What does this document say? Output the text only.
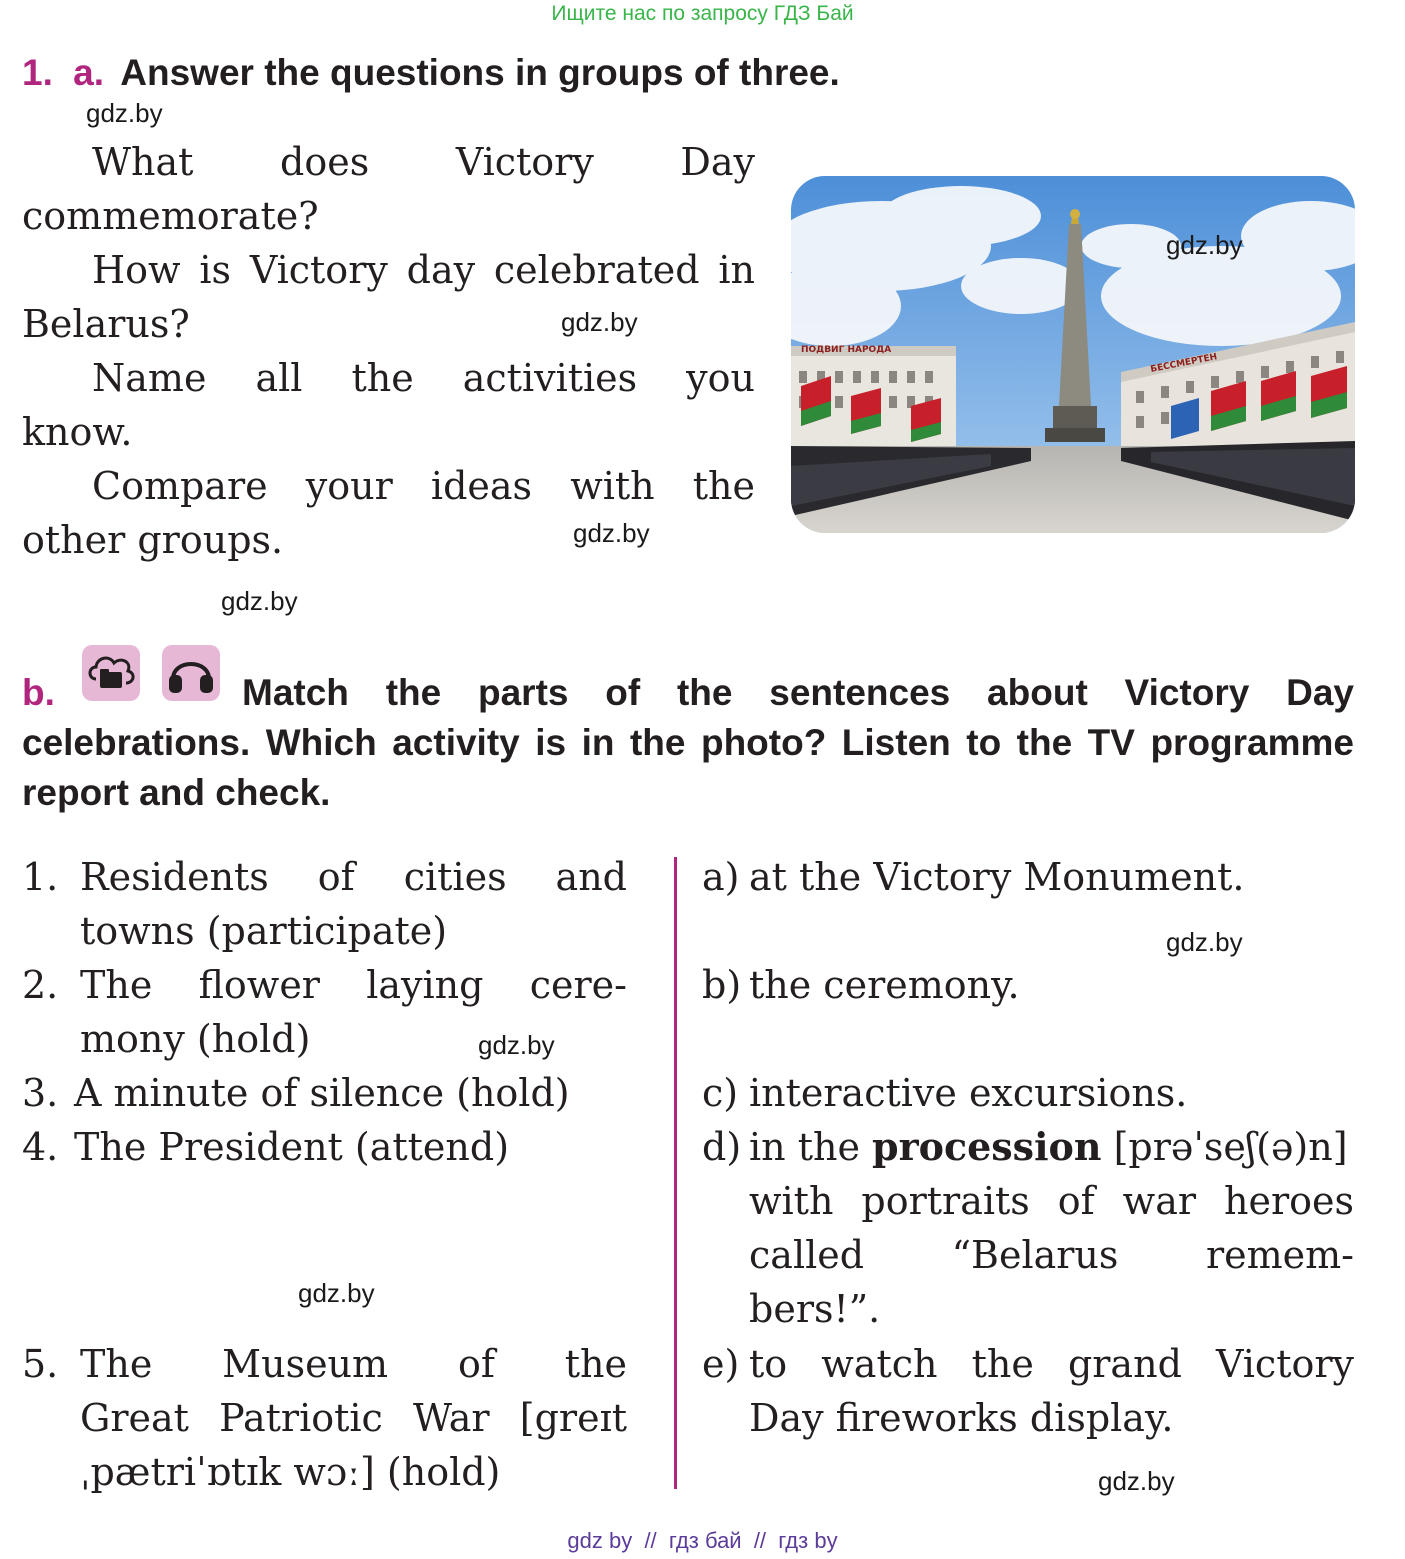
Ищите нас по запросу ГДЗ Бай
1. a. Answer the questions in groups of three.
What does Victory Day
commemorate?
How is Victory day celebrated in
Belarus?
Name all the activities you
know.
Compare your ideas with the
other groups.
ПОДВИГ НАРОДА
БЕССМЕРТЕН
gdz.by
gdz.by
gdz.by
gdz.by
gdz.by
gdz.by
gdz.by
gdz.by
gdz.by
b.	Match the parts of the sentences about Victory Day celebrations. Which activity is in the photo? Listen to the TV programme report and check.
1. Residents of cities and
towns (participate)
2. The flower laying cere-
mony (hold)
3. A minute of silence (hold)
4. The President (attend)
5. The Museum of the
Great Patriotic War [greɪt
ˌpætriˈɒtɪk wɔː] (hold)
a) at the Victory Monument.
b) the ceremony.
c) interactive excursions.
d) in the procession [prəˈseʃ(ə)n]
with portraits of war heroes
called “Belarus remem-
bers!”.
e) to watch the grand Victory
Day fireworks display.
gdz by  //  гдз бай  //  гдз by
